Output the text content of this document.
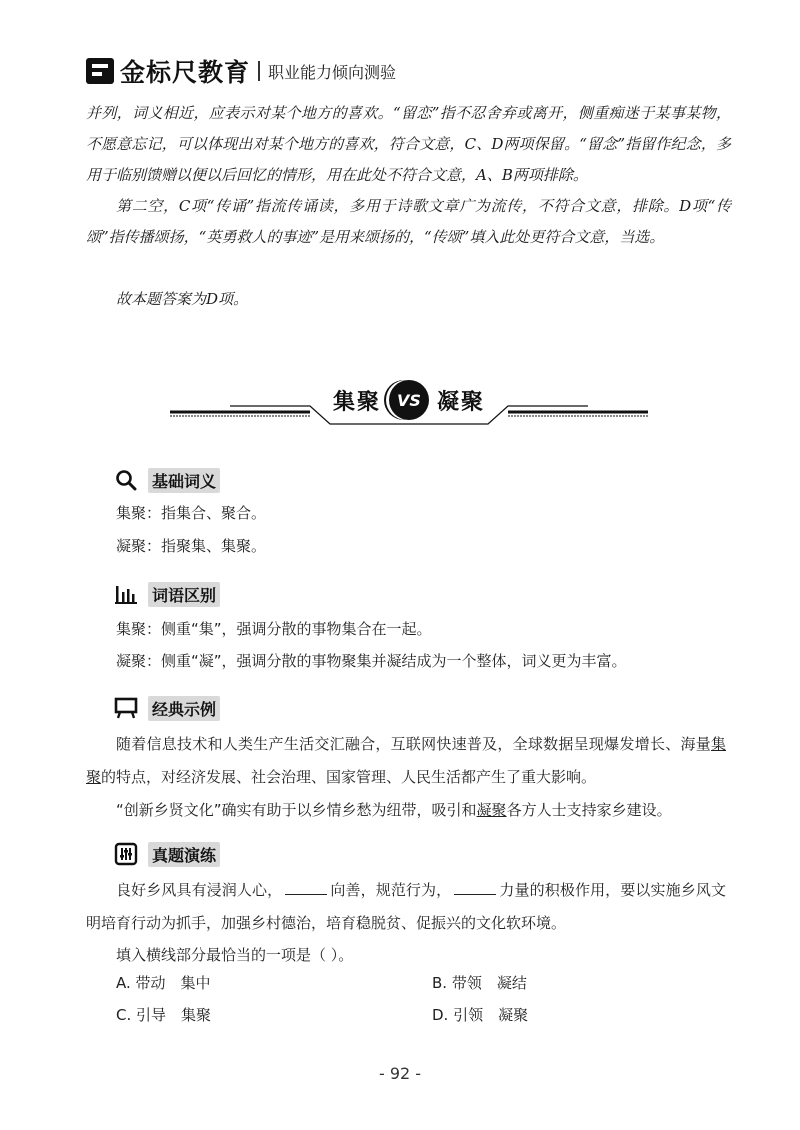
金标尺教育 职业能力倾向测验

并列，词义相近，应表示对某个地方的喜欢。“留恋”指不忍舍弃或离开，侧重痴迷于某事某物，不愿意忘记，可以体现出对某个地方的喜欢，符合文意，C、D两项保留。“留念”指留作纪念，多用于临别馈赠以便以后回忆的情形，用在此处不符合文意，A、B两项排除。

第二空，C项“传诵”指流传诵读，多用于诗歌文章广为流传，不符合文意，排除。D项“传颂”指传播颂扬，“英勇救人的事迹”是用来颂扬的，“传颂”填入此处更符合文意，当选。

故本题答案为D项。

集聚	VS 凝聚
基础词义
集聚：指集合、聚合。
凝聚：指聚集、集聚。
词语区别
集聚：侧重“集”，强调分散的事物集合在一起。
凝聚：侧重“凝”，强调分散的事物聚集并凝结成为一个整体，词义更为丰富。
经典示例

随着信息技术和人类生产生活交汇融合，互联网快速普及，全球数据呈现爆发增长、海量集聚的特点，对经济发展、社会治理、国家管理、人民生活都产生了重大影响。

“创新乡贤文化”确实有助于以乡情乡愁为纽带，吸引和凝聚各方人士支持家乡建设。

真题演练

良好乡风具有浸润人心，	向善，规范行为，	力量的积极作用，要以实施乡风文明培育行动为抓手，加强乡村德治，培育稳脱贫、促振兴的文化软环境。

填入横线部分最恰当的一项是（ ）。

A. 带动　集中	B. 带领　凝结
C. 引导　集聚	D. 引领　凝聚
- 92 -
